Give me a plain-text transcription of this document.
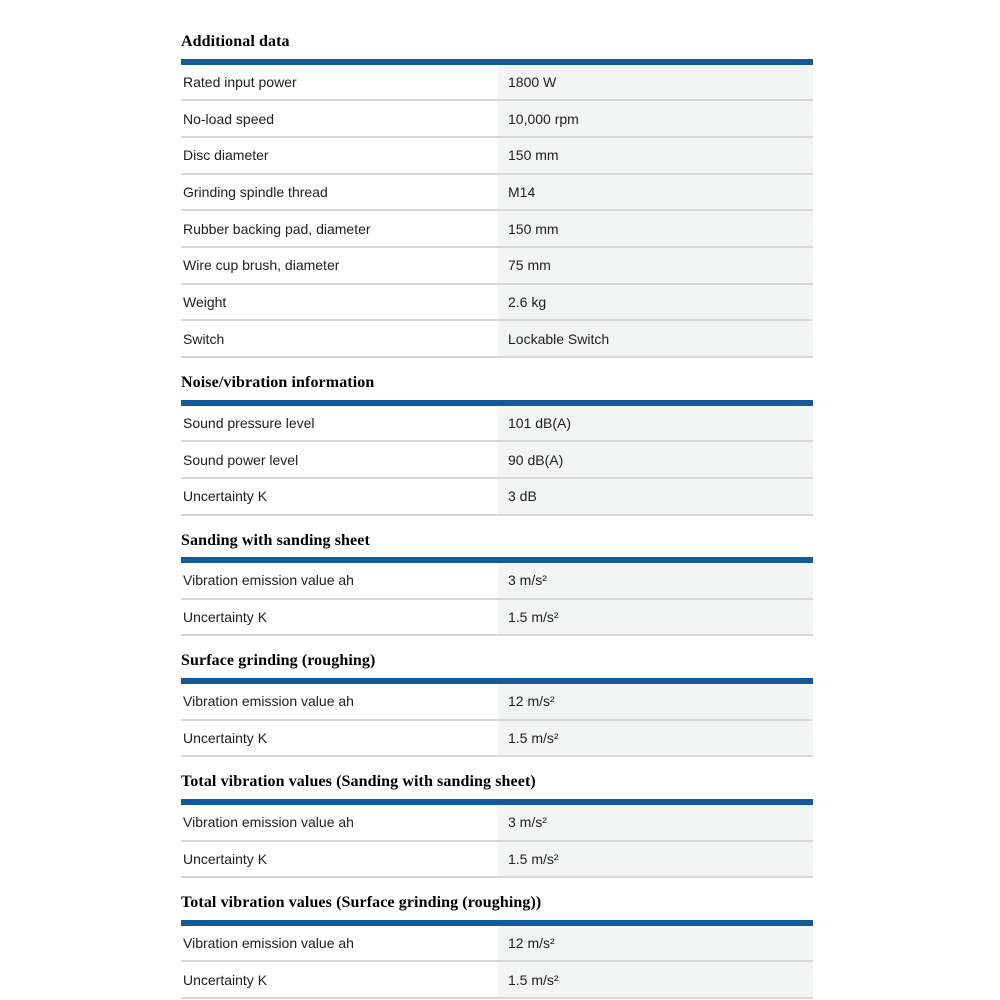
Additional data
Rated input power	1800 W
No-load speed	10,000 rpm
Disc diameter	150 mm
Grinding spindle thread	M14
Rubber backing pad, diameter	150 mm
Wire cup brush, diameter	75 mm
Weight	2.6 kg
Switch	Lockable Switch
Noise/vibration information
Sound pressure level	101 dB(A)
Sound power level	90 dB(A)
Uncertainty K	3 dB
Sanding with sanding sheet
Vibration emission value ah	3 m/s²
Uncertainty K	1.5 m/s²
Surface grinding (roughing)
Vibration emission value ah	12 m/s²
Uncertainty K	1.5 m/s²
Total vibration values (Sanding with sanding sheet)
Vibration emission value ah	3 m/s²
Uncertainty K	1.5 m/s²
Total vibration values (Surface grinding (roughing))
Vibration emission value ah	12 m/s²
Uncertainty K	1.5 m/s²
